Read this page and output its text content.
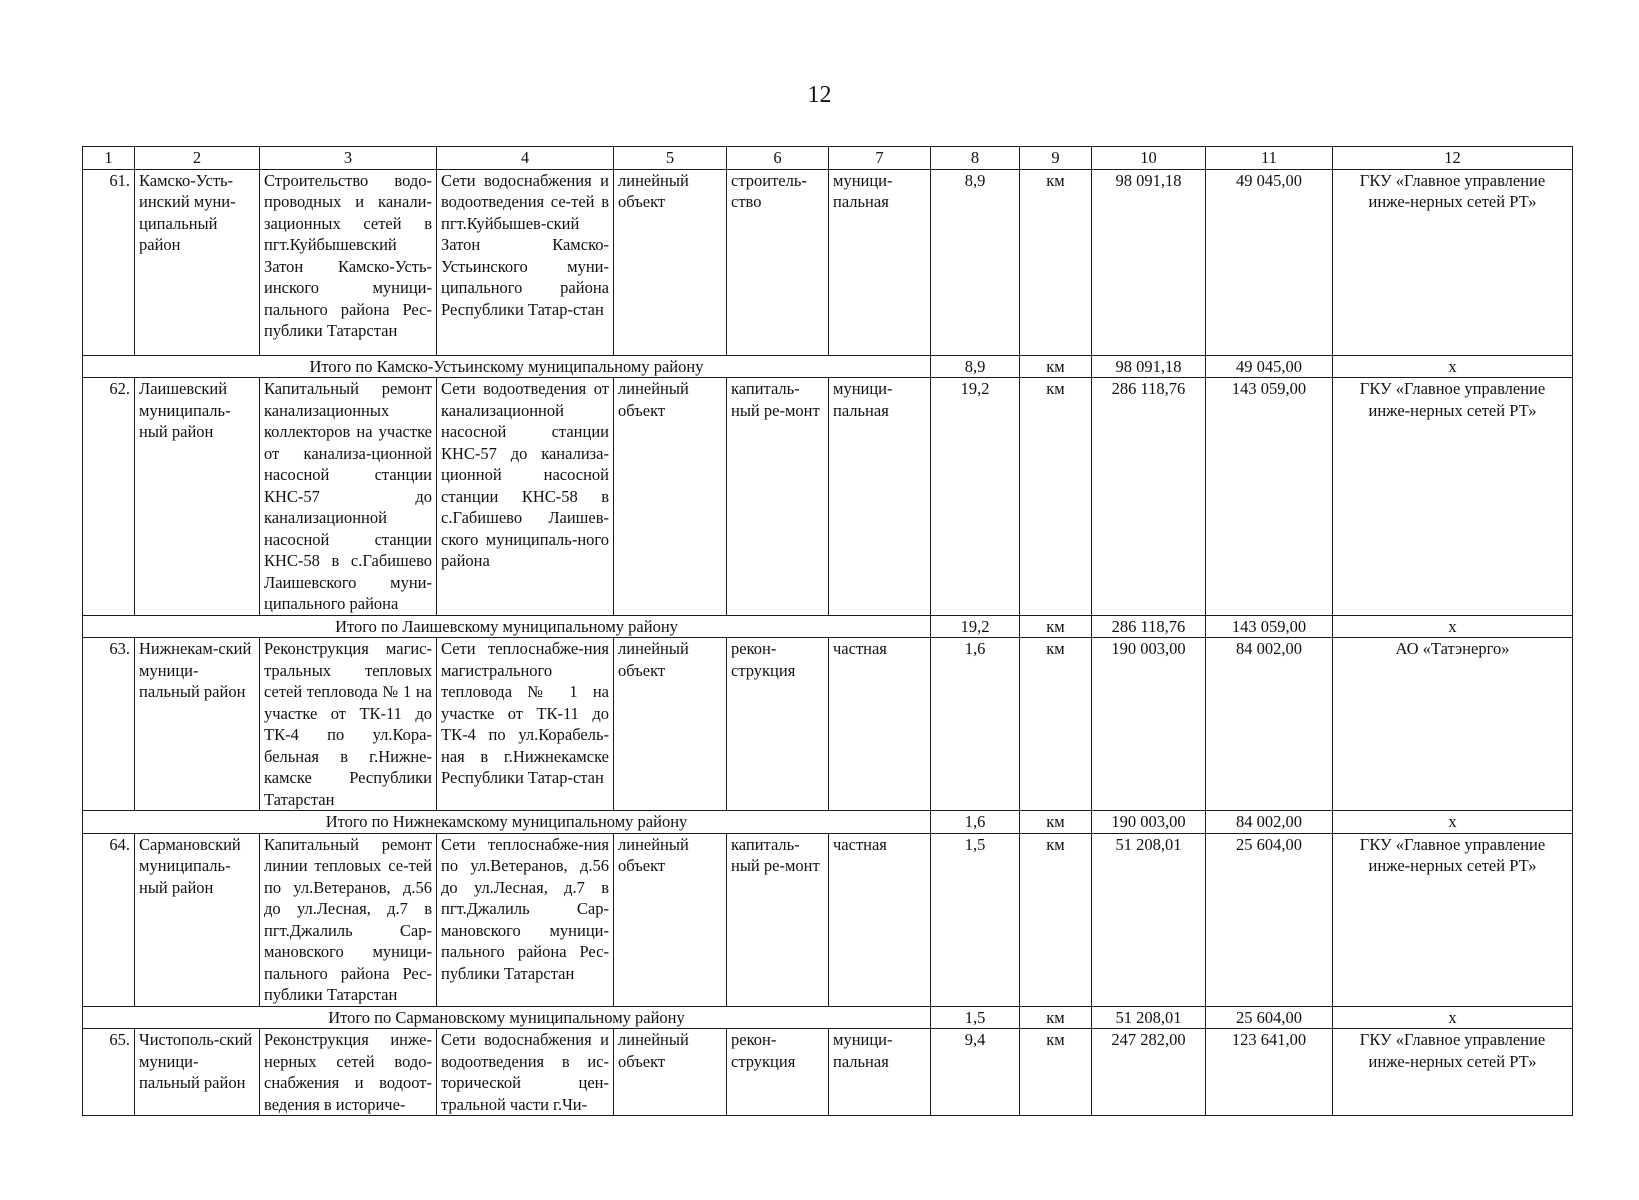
12
1	2	3	4	5	6	7	8	9	10	11	12
61.	Камско-Усть-инский муни-ципальный район	Строительство водо-проводных и канали-зационных сетей в пгт.Куйбышевский Затон Камско-Усть-инского муници-пального района Рес-публики Татарстан	Сети водоснабжения и водоотведения се-тей в пгт.Куйбышев-ский Затон Камско-Устьинского муни-ципального района Республики Татар-стан	линейный объект	строитель-ство	муници-пальная	8,9	км	98 091,18	49 045,00	ГКУ «Главное управление инже-нерных сетей РТ»
Итого по Камско-Устьинскому муниципальному району							8,9	км	98 091,18	49 045,00	х
62.	Лаишевский муниципаль-ный район	Капитальный ремонт канализационных коллекторов на участке от канализа-ционной насосной станции КНС-57 до канализационной насосной станции КНС-58 в с.Габишево Лаишевского муни-ципального района	Сети водоотведения от канализационной насосной станции КНС-57 до канализа-ционной насосной станции КНС-58 в с.Габишево Лаишев-ского муниципаль-ного района	линейный объект	капиталь-ный ре-монт	муници-пальная	19,2	км	286 118,76	143 059,00	ГКУ «Главное управление инже-нерных сетей РТ»
Итого по Лаишевскому муниципальному району							19,2	км	286 118,76	143 059,00	х
63.	Нижнекам-ский муници-пальный район	Реконструкция магис-тральных тепловых сетей тепловода № 1 на участке от ТК-11 до ТК-4 по ул.Кора-бельная в г.Нижне-камске Республики Татарстан	Сети теплоснабже-ния магистрального тепловода № 1 на участке от ТК-11 до ТК-4 по ул.Корабель-ная в г.Нижнекамске Республики Татар-стан	линейный объект	рекон-струкция	частная	1,6	км	190 003,00	84 002,00	АО «Татэнерго»
Итого по Нижнекамскому муниципальному району							1,6	км	190 003,00	84 002,00	х
64.	Сармановский муниципаль-ный район	Капитальный ремонт линии тепловых се-тей по ул.Ветеранов, д.56 до ул.Лесная, д.7 в пгт.Джалиль Сар-мановского муници-пального района Рес-публики Татарстан	Сети теплоснабже-ния по ул.Ветеранов, д.56 до ул.Лесная, д.7 в пгт.Джалиль Сар-мановского муници-пального района Рес-публики Татарстан	линейный объект	капиталь-ный ре-монт	частная	1,5	км	51 208,01	25 604,00	ГКУ «Главное управление инже-нерных сетей РТ»
Итого по Сармановскому муниципальному району							1,5	км	51 208,01	25 604,00	х
65.	Чистополь-ский муници-пальный район	Реконструкция инже-нерных сетей водо-снабжения и водоот-ведения в историче-	Сети водоснабжения и водоотведения в ис-торической цен-тральной части г.Чи-	линейный объект	рекон-струкция	муници-пальная	9,4	км	247 282,00	123 641,00	ГКУ «Главное управление инже-нерных сетей РТ»
